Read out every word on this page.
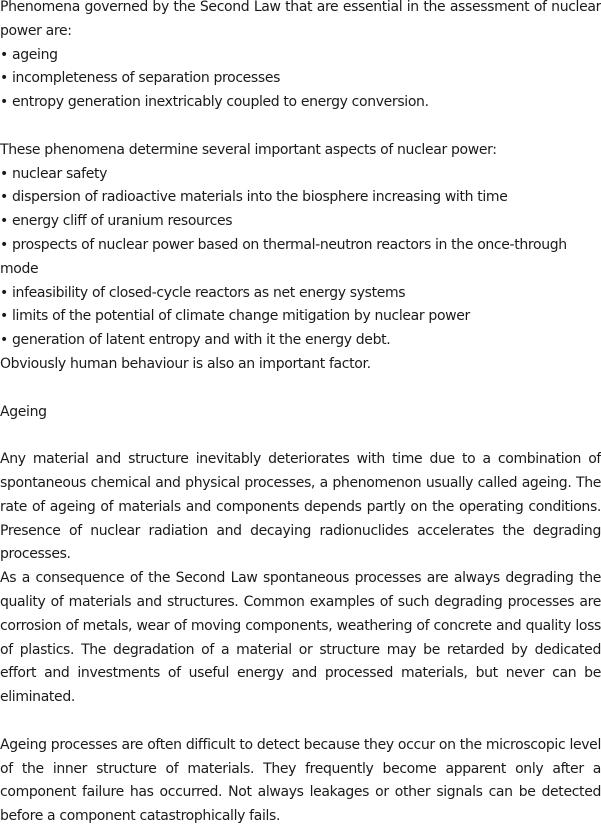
Phenomena governed by the Second Law that are essential in the assessment of nuclear power are:

• ageing
• incompleteness of separation processes
• entropy generation inextricably coupled to energy conversion.

These phenomena determine several important aspects of nuclear power:

• nuclear safety
• dispersion of radioactive materials into the biosphere increasing with time
• energy cliff of uranium resources
• prospects of nuclear power based on thermal-neutron reactors in the once-through mode
• infeasibility of closed-cycle reactors as net energy systems
• limits of the potential of climate change mitigation by nuclear power
• generation of latent entropy and with it the energy debt.

Obviously human behaviour is also an important factor.

Ageing

Any material and structure inevitably deteriorates with time due to a combination of spontaneous chemical and physical processes, a phenomenon usually called ageing. The rate of ageing of materials and components depends partly on the operating conditions. Presence of nuclear radiation and decaying radionuclides accelerates the degrading processes.

As a consequence of the Second Law spontaneous processes are always degrading the quality of materials and structures. Common examples of such degrading processes are corrosion of metals, wear of moving components, weathering of concrete and quality loss of plastics. The degradation of a material or structure may be retarded by dedicated effort and investments of useful energy and processed materials, but never can be eliminated.

Ageing processes are often difficult to detect because they occur on the microscopic level of the inner structure of materials. They frequently become apparent only after a component failure has occurred. Not always leakages or other signals can be detected before a component catastrophically fails.
